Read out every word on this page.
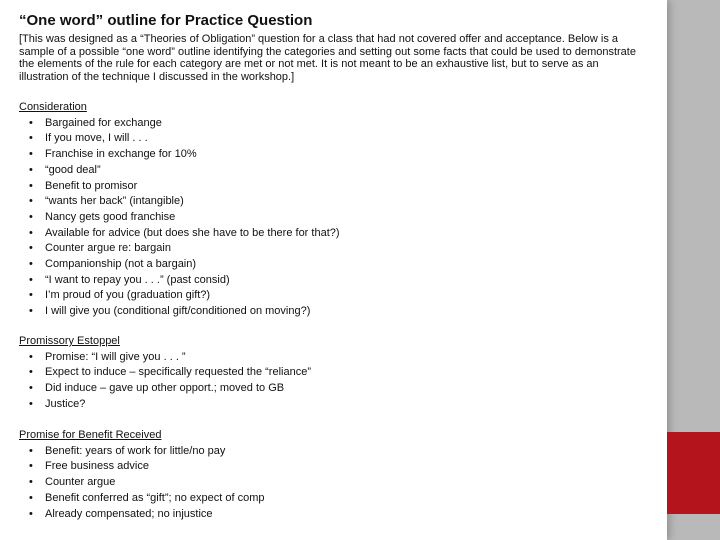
“One word” outline for Practice Question
[This was designed as a “Theories of Obligation” question for a class that had not covered offer and acceptance. Below is a sample of a possible “one word” outline identifying the categories and setting out some facts that could be used to demonstrate the elements of the rule for each category are met or not met. It is not meant to be an exhaustive list, but to serve as an illustration of the technique I discussed in the workshop.]
Consideration
• Bargained for exchange
• If you move, I will . . .
• Franchise in exchange for 10%
• “good deal”
• Benefit to promisor
• “wants her back” (intangible)
• Nancy gets good franchise
• Available for advice (but does she have to be there for that?)
• Counter argue re: bargain
• Companionship (not a bargain)
• “I want to repay you . . .” (past consid)
• I’m proud of you (graduation gift?)
• I will give you (conditional gift/conditioned on moving?)
Promissory Estoppel
• Promise: “I will give you . . . ”
• Expect to induce – specifically requested the “reliance”
• Did induce – gave up other opport.; moved to GB
• Justice?
Promise for Benefit Received
• Benefit: years of work for little/no pay
• Free business advice
• Counter argue
• Benefit conferred as “gift”; no expect of comp
• Already compensated; no injustice
